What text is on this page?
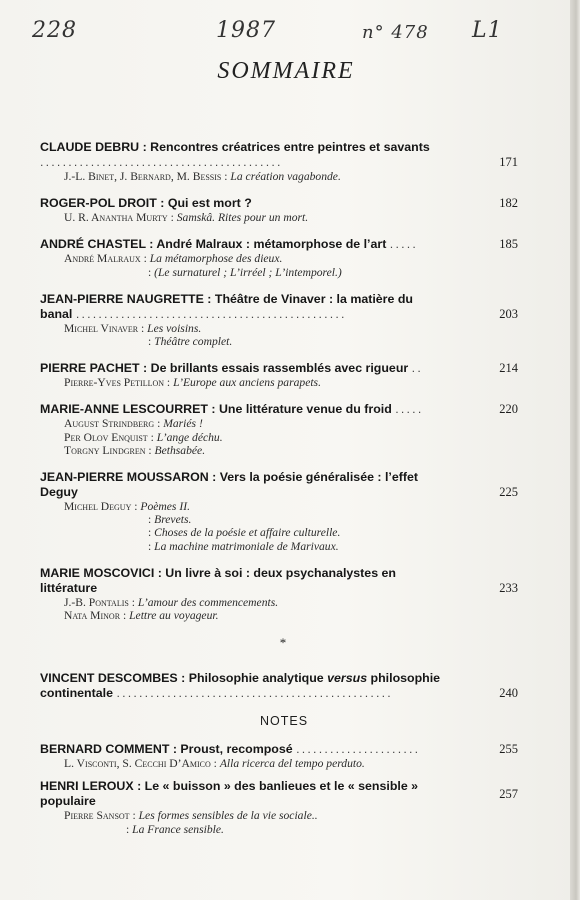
228	1987	n° 478 L1
SOMMAIRE
CLAUDE DEBRU : Rencontres créatrices entre peintres et savants ...........................................	171
J.-L. Binet, J. Bernard, M. Bessis : La création vagabonde.
ROGER-POL DROIT : Qui est mort ?	182
U. R. Anantha Murty : Samskâ. Rites pour un mort.
ANDRÉ CHASTEL : André Malraux : métamorphose de l’art .....	185
André Malraux : La métamorphose des dieux.
: (Le surnaturel ; L’irréel ; L’intemporel.)
JEAN-PIERRE NAUGRETTE : Théâtre de Vinaver : la matière du banal ................................................	203
Michel Vinaver : Les voisins.
: Théâtre complet.
PIERRE PACHET : De brillants essais rassemblés avec rigueur ..	214
Pierre-Yves Petillon : L’Europe aux anciens parapets.
MARIE-ANNE LESCOURRET : Une littérature venue du froid .....	220
August Strindberg : Mariés !
Per Olov Enquist : L’ange déchu.
Torgny Lindgren : Bethsabée.
JEAN-PIERRE MOUSSARON : Vers la poésie généralisée : l’effet Deguy	225
Michel Deguy : Poèmes II.
: Brevets.
: Choses de la poésie et affaire culturelle.
: La machine matrimoniale de Marivaux.
MARIE MOSCOVICI : Un livre à soi : deux psychanalystes en littérature	233
J.-B. Pontalis : L’amour des commencements.
Nata Minor : Lettre au voyageur.
*
VINCENT DESCOMBES : Philosophie analytique versus philosophie continentale .................................................	240
NOTES
BERNARD COMMENT : Proust, recomposé ......................	255
L. Visconti, S. Cecchi D’Amico : Alla ricerca del tempo perduto.
HENRI LEROUX : Le « buisson » des banlieues et le « sensible » populaire	257
Pierre Sansot : Les formes sensibles de la vie sociale..
: La France sensible.
